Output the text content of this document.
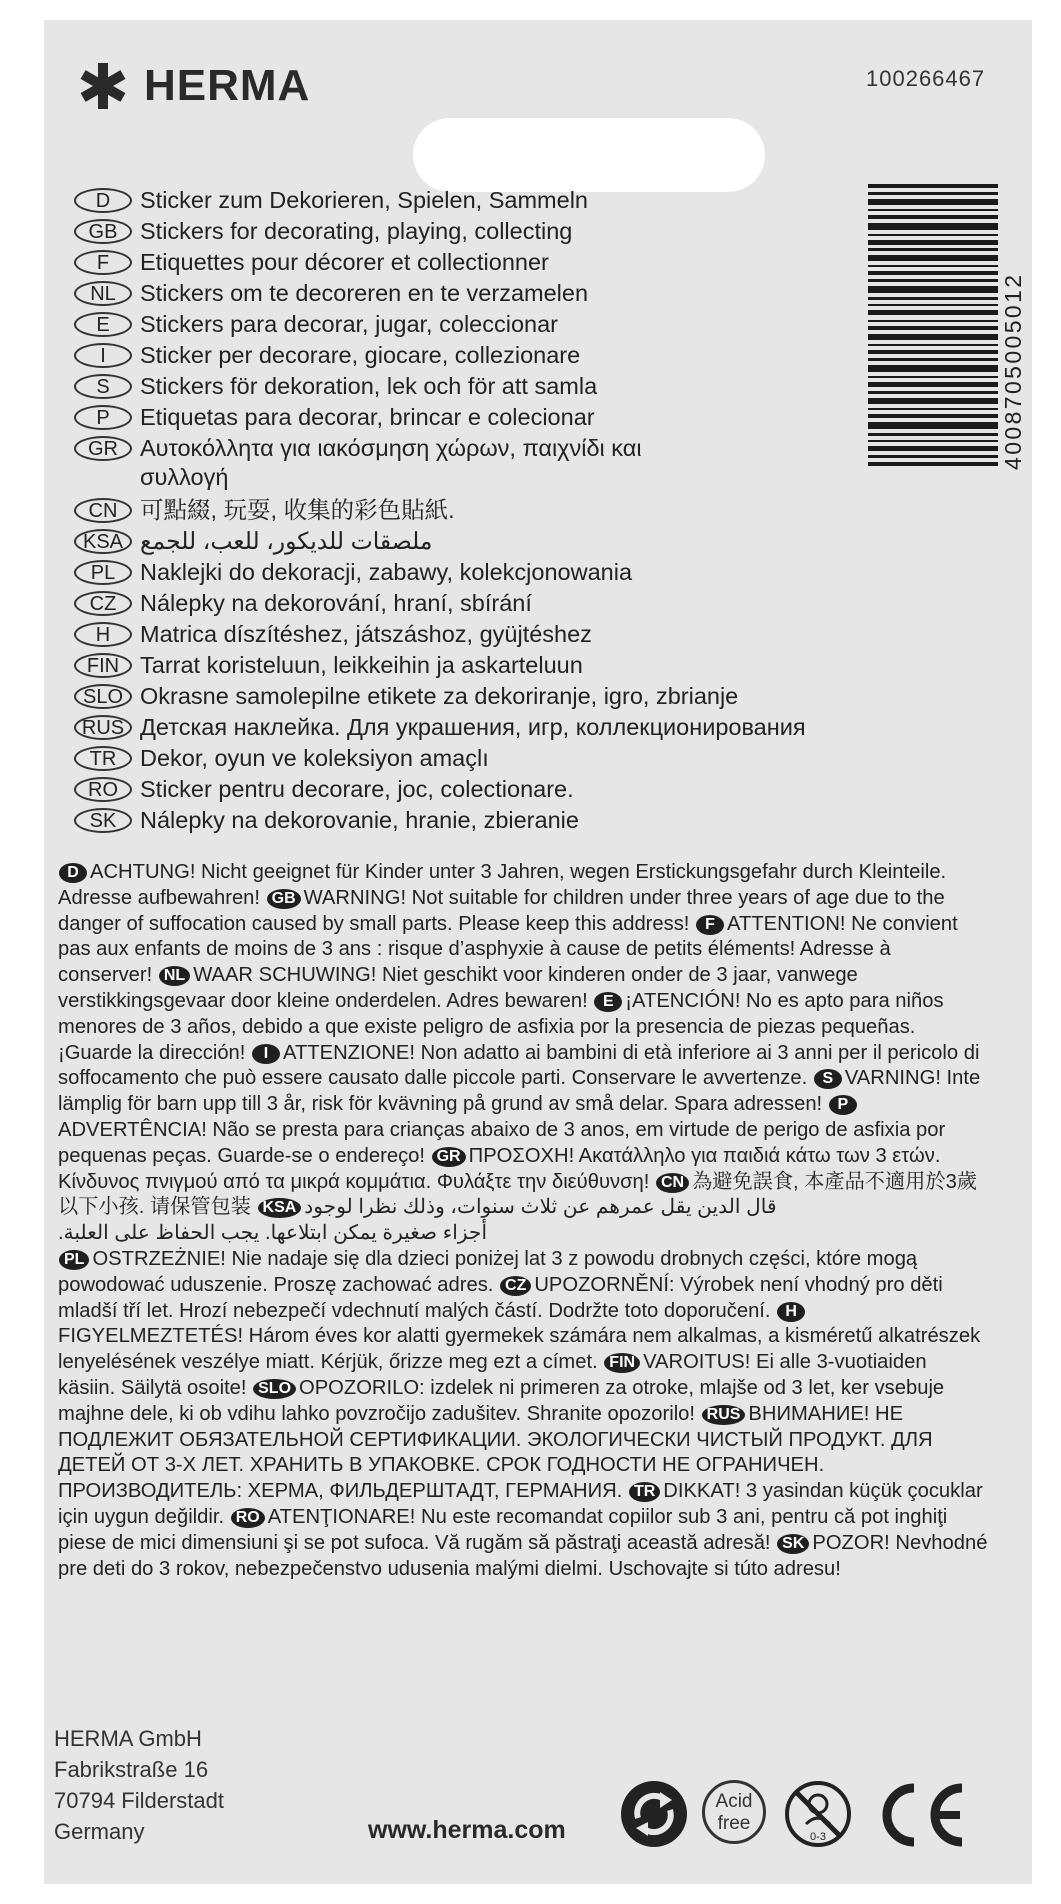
HERMA	100266467
4008705005012
D	Sticker zum Dekorieren, Spielen, Sammeln
GB Stickers for decorating, playing, collecting
F	Etiquettes pour décorer et collectionner
NL	Stickers om te decoreren en te verzamelen
E	Stickers para decorar, jugar, coleccionar
I	Sticker per decorare, giocare, collezionare
S	Stickers för dekoration, lek och för att samla
P	Etiquetas para decorar, brincar e colecionar
GR Αυτοκόλλητα για ιακόσμηση χώρων, παιχνίδι και συλλογή
CN 可點綴, 玩耍, 收集的彩色貼紙.
KSA ملصقات للديكور، للعب، للجمع
PL	Naklejki do dekoracji, zabawy, kolekcjonowania
CZ	Nálepky na dekorování, hraní, sbírání
H	Matrica díszítéshez, játszáshoz, gyüjtéshez
FIN Tarrat koristeluun, leikkeihin ja askarteluun
SLO Okrasne samolepilne etikete za dekoriranje, igro, zbrianje
RUS Детская наклейка. Для украшения, игр, коллекционирования
TR	Dekor, oyun ve koleksiyon amaçlı
RO Sticker pentru decorare, joc, colectionare.
SK	Nálepky na dekorovanie, hranie, zbieranie
D ACHTUNG! Nicht geeignet für Kinder unter 3 Jahren, wegen Erstickungsgefahr durch Kleinteile. Adresse aufbewahren! GB WARNING! Not suitable for children under three years of age due to the danger of suffocation caused by small parts. Please keep this address! F ATTENTION! Ne convient pas aux enfants de moins de 3 ans : risque d’asphyxie à cause de petits éléments! Adresse à conserver! NL WAAR SCHUWING! Niet geschikt voor kinderen onder de 3 jaar, vanwege verstikkingsgevaar door kleine onderdelen. Adres bewaren! E ¡ATENCIÓN! No es apto para niños menores de 3 años, debido a que existe peligro de asfixia por la presencia de piezas pequeñas. ¡Guarde la dirección! I ATTENZIONE! Non adatto ai bambini di età inferiore ai 3 anni per il pericolo di soffocamento che può essere causato dalle piccole parti. Conservare le avvertenze. S VARNING! Inte lämplig för barn upp till 3 år, risk för kvävning på grund av små delar. Spara adressen! PADVERTÊNCIA! Não se presta para crianças abaixo de 3 anos, em virtude de perigo de asfixia por pequenas peças. Guarde-se o endereço! GR ΠΡΟΣΟΧΗ! Ακατάλληλο για παιδιά κάτω των 3 ετών. Κίνδυνος πνιγμού από τα μικρά κομμάτια. Φυλάξτε την διεύθυνση! CN 為避免誤食, 本產品不適用於3歲以下小孩. 请保管包装 KSA قال الدين يقل عمرهم عن ثلاث سنوات، وذلك نظرا لوجود
أجزاء صغيرة يمكن ابتلاعها. يجب الحفاظ على العلبة.
PL OSTRZEŻNIE! Nie nadaje się dla dzieci poniżej lat 3 z powodu drobnych części, które mogą powodować uduszenie. Proszę zachować adres. CZ UPOZORNĚNÍ: Výrobek není vhodný pro děti mladší tří let. Hrozí nebezpečí vdechnutí malých částí. Dodržte toto doporučení. HFIGYELMEZTETÉS! Három éves kor alatti gyermekek számára nem alkalmas, a kisméretű alkatrészek lenyelésének veszélye miatt. Kérjük, őrizze meg ezt a címet. FIN VAROITUS! Ei alle 3-vuotiaiden käsiin. Säilytä osoite! SLO OPOZORILO: izdelek ni primeren za otroke, mlajše od 3 let, ker vsebuje majhne dele, ki ob vdihu lahko povzročijo zadušitev. Shranite opozorilo! RUS ВНИМАНИЕ! НЕ ПОДЛЕЖИТ ОБЯЗАТЕЛЬНОЙ СЕРТИФИКАЦИИ. ЭКОЛОГИЧЕСКИ ЧИСТЫЙ ПРОДУКТ. ДЛЯ ДЕТЕЙ ОТ 3-Х ЛЕТ. ХРАНИТЬ В УПАКОВКЕ. СРОК ГОДНОСТИ НЕ ОГРАНИЧЕН. ПРОИЗВОДИТЕЛЬ: ХЕРМА, ФИЛЬДЕРШТАДТ, ГЕРМАНИЯ. TR DIKKAT! 3 yasindan küçük çocuklar için uygun değildir. RO ATENŢIONARE! Nu este recomandat copiilor sub 3 ani, pentru că pot inghiţi piese de mici dimensiuni şi se pot sufoca. Vă rugăm să păstraţi această adresă! SK POZOR! Nevhodné pre deti do 3 rokov, nebezpečenstvo udusenia malými dielmi. Uschovajte si túto adresu!
HERMA GmbH
Fabrikstraße 16
70794 Filderstadt
Germany	www.herma.com
Acid
free
0-3
